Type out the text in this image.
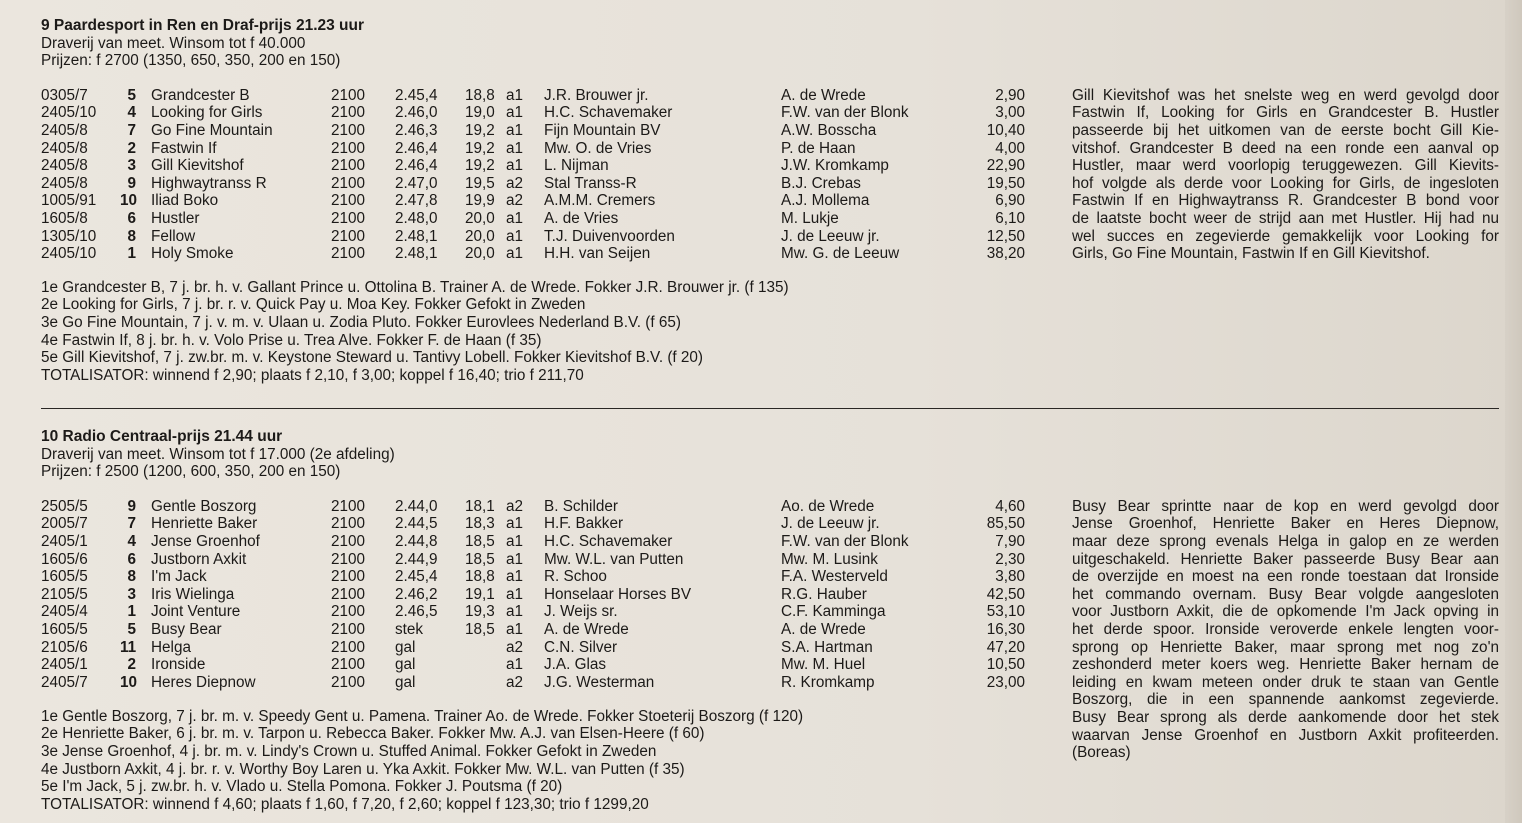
9 Paardesport in Ren en Draf-prijs 21.23 uur
Draverij van meet. Winsom tot f 40.000
Prijzen: f 2700 (1350, 650, 350, 200 en 150)
0305/7	5 Grandcester B	2100 2.45,4 18,8 a1 J.R. Brouwer jr.	A. de Wrede	2,90
2405/10	4 Looking for Girls	2100 2.46,0 19,0 a1 H.C. Schavemaker	F.W. van der Blonk	3,00
2405/8	7 Go Fine Mountain	2100 2.46,3 19,2 a1 Fijn Mountain BV	A.W. Bosscha	10,40
2405/8	2 Fastwin If	2100 2.46,4 19,2 a1 Mw. O. de Vries	P. de Haan	4,00
2405/8	3 Gill Kievitshof	2100 2.46,4 19,2 a1 L. Nijman	J.W. Kromkamp	22,90
2405/8	9 Highwaytranss R	2100 2.47,0 19,5 a2 Stal Transs-R	B.J. Crebas	19,50
1005/91 10 Iliad Boko	2100 2.47,8 19,9 a2 A.M.M. Cremers	A.J. Mollema	6,90
1605/8	6 Hustler	2100 2.48,0 20,0 a1 A. de Vries	M. Lukje	6,10
1305/10	8 Fellow	2100 2.48,1 20,0 a1 T.J. Duivenvoorden	J. de Leeuw jr.	12,50
2405/10	1 Holy Smoke	2100 2.48,1 20,0 a1 H.H. van Seijen	Mw. G. de Leeuw	38,20
Gill Kievitshof was het snelste weg en werd gevolgd door
Fastwin If, Looking for Girls en Grandcester B. Hustler
passeerde bij het uitkomen van de eerste bocht Gill Kie-
vitshof. Grandcester B deed na een ronde een aanval op
Hustler, maar werd voorlopig teruggewezen. Gill Kievits-
hof volgde als derde voor Looking for Girls, de ingesloten
Fastwin If en Highwaytranss R. Grandcester B bond voor
de laatste bocht weer de strijd aan met Hustler. Hij had nu
wel succes en zegevierde gemakkelijk voor Looking for
Girls, Go Fine Mountain, Fastwin If en Gill Kievitshof.
1e Grandcester B, 7 j. br. h. v. Gallant Prince u. Ottolina B. Trainer A. de Wrede. Fokker J.R. Brouwer jr. (f 135)
2e Looking for Girls, 7 j. br. r. v. Quick Pay u. Moa Key. Fokker Gefokt in Zweden
3e Go Fine Mountain, 7 j. v. m. v. Ulaan u. Zodia Pluto. Fokker Eurovlees Nederland B.V. (f 65)
4e Fastwin If, 8 j. br. h. v. Volo Prise u. Trea Alve. Fokker F. de Haan (f 35)
5e Gill Kievitshof, 7 j. zw.br. m. v. Keystone Steward u. Tantivy Lobell. Fokker Kievitshof B.V. (f 20)
TOTALISATOR: winnend f 2,90; plaats f 2,10, f 3,00; koppel f 16,40; trio f 211,70
10 Radio Centraal-prijs 21.44 uur
Draverij van meet. Winsom tot f 17.000 (2e afdeling)
Prijzen: f 2500 (1200, 600, 350, 200 en 150)
2505/5	9 Gentle Boszorg	2100 2.44,0 18,1 a2 B. Schilder	Ao. de Wrede	4,60
2005/7	7 Henriette Baker	2100 2.44,5 18,3 a1 H.F. Bakker	J. de Leeuw jr.	85,50
2405/1	4 Jense Groenhof	2100 2.44,8 18,5 a1 H.C. Schavemaker	F.W. van der Blonk	7,90
1605/6	6 Justborn Axkit	2100 2.44,9 18,5 a1 Mw. W.L. van Putten	Mw. M. Lusink	2,30
1605/5	8 I'm Jack	2100 2.45,4 18,8 a1 R. Schoo	F.A. Westerveld	3,80
2105/5	3 Iris Wielinga	2100 2.46,2 19,1 a1 Honselaar Horses BV	R.G. Hauber	42,50
2405/4	1 Joint Venture	2100 2.46,5 19,3 a1 J. Weijs sr.	C.F. Kamminga	53,10
1605/5	5 Busy Bear	2100 stek	18,5 a1 A. de Wrede	A. de Wrede	16,30
2105/6 11 Helga	2100 gal	a2 C.N. Silver	S.A. Hartman	47,20
2405/1	2 Ironside	2100 gal	a1 J.A. Glas	Mw. M. Huel	10,50
2405/7 10 Heres Diepnow	2100 gal	a2 J.G. Westerman	R. Kromkamp	23,00
Busy Bear sprintte naar de kop en werd gevolgd door
Jense Groenhof, Henriette Baker en Heres Diepnow,
maar deze sprong evenals Helga in galop en ze werden
uitgeschakeld. Henriette Baker passeerde Busy Bear aan
de overzijde en moest na een ronde toestaan dat Ironside
het commando overnam. Busy Bear volgde aangesloten
voor Justborn Axkit, die de opkomende I'm Jack opving in
het derde spoor. Ironside veroverde enkele lengten voor-
sprong op Henriette Baker, maar sprong met nog zo'n
zeshonderd meter koers weg. Henriette Baker hernam de
leiding en kwam meteen onder druk te staan van Gentle
Boszorg, die in een spannende aankomst zegevierde.
Busy Bear sprong als derde aankomende door het stek
waarvan Jense Groenhof en Justborn Axkit profiteerden.
(Boreas)
1e Gentle Boszorg, 7 j. br. m. v. Speedy Gent u. Pamena. Trainer Ao. de Wrede. Fokker Stoeterij Boszorg (f 120)
2e Henriette Baker, 6 j. br. m. v. Tarpon u. Rebecca Baker. Fokker Mw. A.J. van Elsen-Heere (f 60)
3e Jense Groenhof, 4 j. br. m. v. Lindy's Crown u. Stuffed Animal. Fokker Gefokt in Zweden
4e Justborn Axkit, 4 j. br. r. v. Worthy Boy Laren u. Yka Axkit. Fokker Mw. W.L. van Putten (f 35)
5e I'm Jack, 5 j. zw.br. h. v. Vlado u. Stella Pomona. Fokker J. Poutsma (f 20)
TOTALISATOR: winnend f 4,60; plaats f 1,60, f 7,20, f 2,60; koppel f 123,30; trio f 1299,20
